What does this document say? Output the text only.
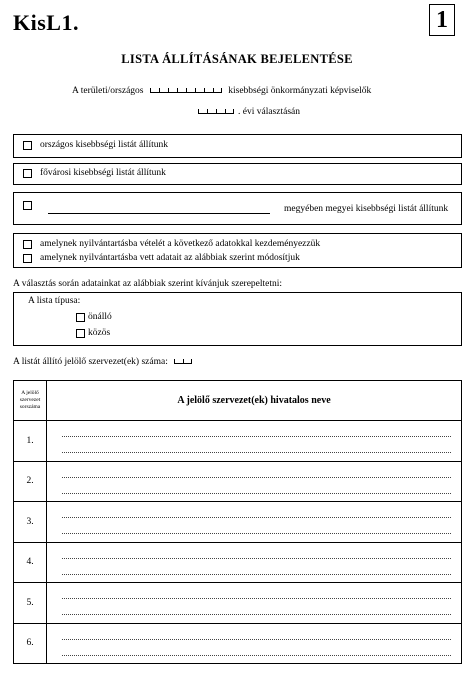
KisL1.	1
LISTA ÁLLÍTÁSÁNAK BEJELENTÉSE
A területi/országos	kisebbségi önkormányzati képviselők
. évi választásán
országos kisebbségi listát állítunk
fővárosi kisebbségi listát állítunk
megyében megyei kisebbségi listát állítunk
amelynek nyilvántartásba vételét a következő adatokkal kezdeményezzük
amelynek nyilvántartásba vett adatait az alábbiak szerint módosítjuk
A választás során adatainkat az alábbiak szerint kívánjuk szerepeltetni:
A lista típusa:
önálló
közös
A listát állító jelölő szervezet(ek) száma:
A jelölő szervezet sorszáma	A jelölő szervezet(ek) hivatalos neve
1.	

2.	

3.	

4.	

5.	

6.	
